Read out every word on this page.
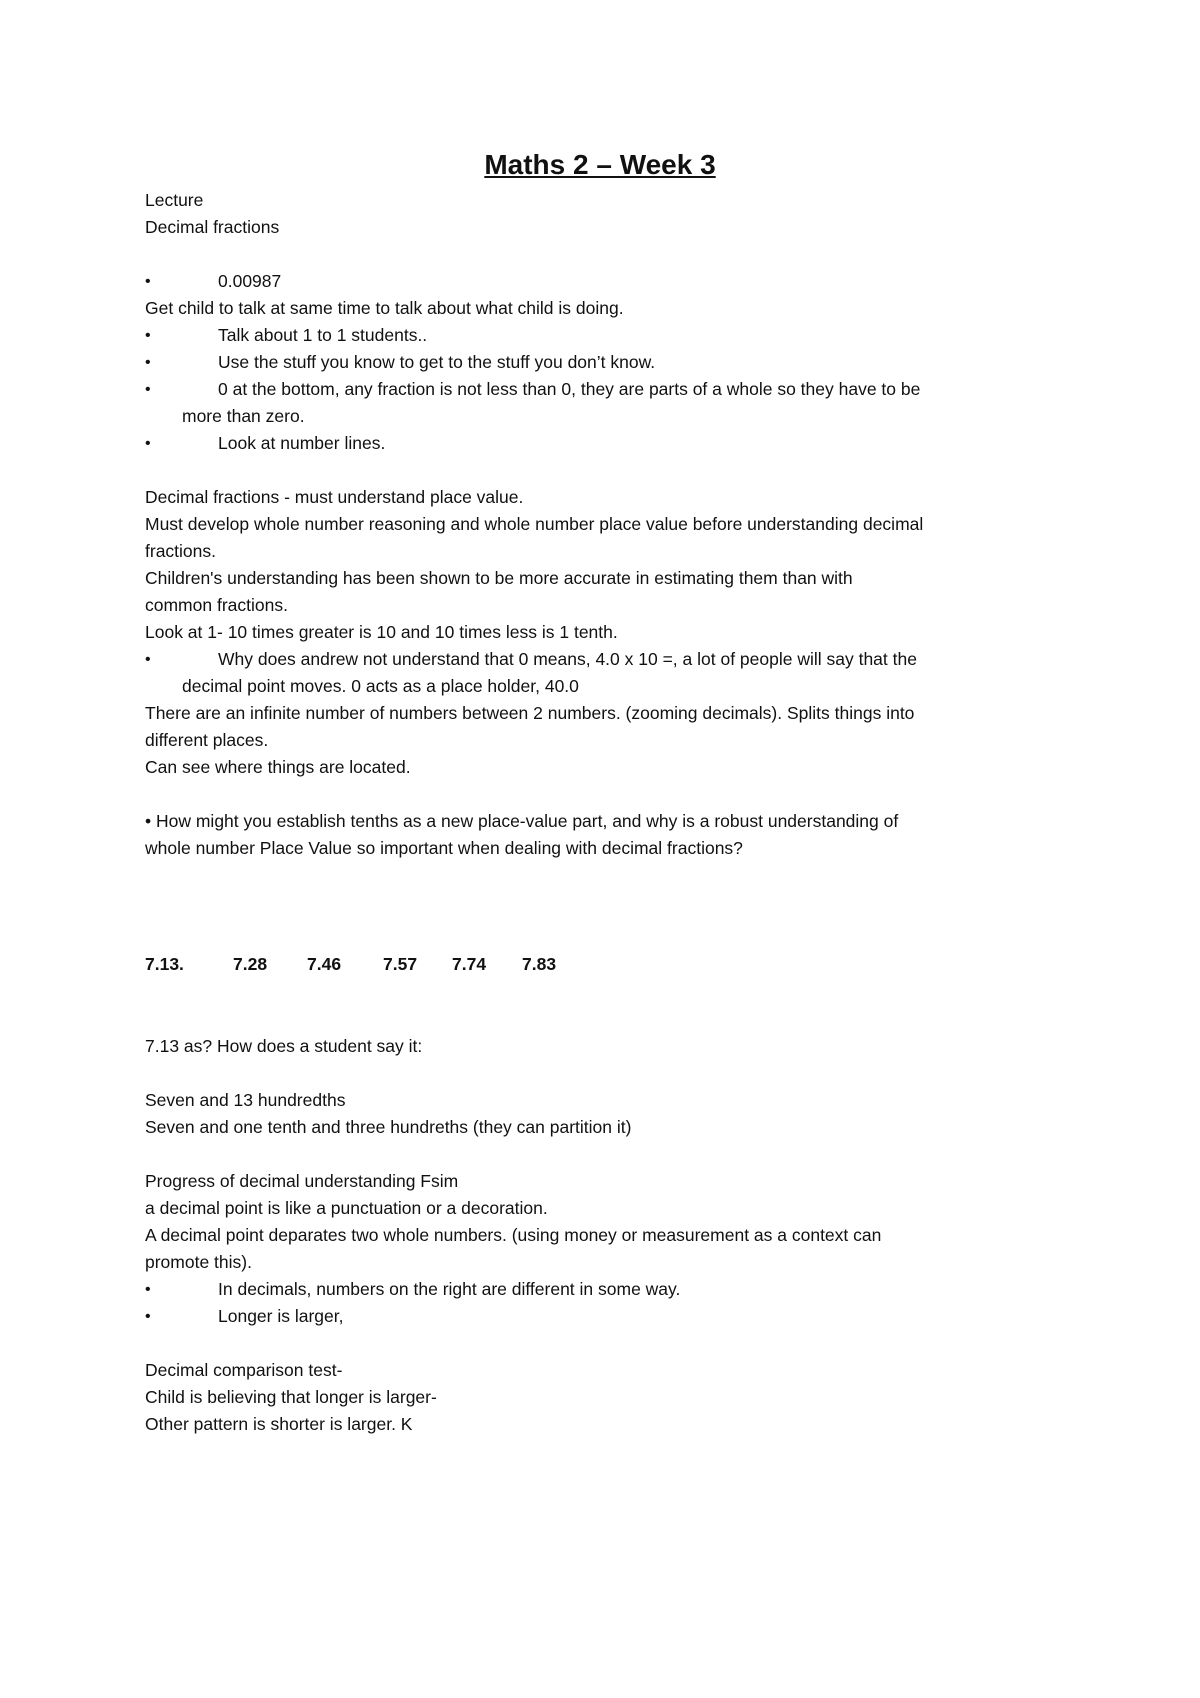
Maths 2 – Week 3
Lecture
Decimal fractions
•	0.00987
Get child to talk at same time to talk about what child is doing.
•	Talk about 1 to 1 students..
•	Use the stuff you know to get to the stuff you don’t know.
•	0 at the bottom, any fraction is not less than 0, they are parts of a whole so they have to be
more than zero.
•	Look at number lines.
Decimal fractions - must understand place value.
Must develop whole number reasoning and whole number place value before understanding decimal
fractions.
Children's understanding has been shown to be more accurate in estimating them than with
common fractions.
Look at 1- 10 times greater is 10 and 10 times less is 1 tenth.
•	Why does andrew not understand that 0 means, 4.0 x 10 =, a lot of people will say that the
decimal point moves. 0 acts as a place holder, 40.0
There are an infinite number of numbers between 2 numbers. (zooming decimals). Splits things into
different places.
Can see where things are located.
• How might you establish tenths as a new place-value part, and why is a robust understanding of
whole number Place Value so important when dealing with decimal fractions?
7.13.	7.28 7.46 7.57 7.74 7.83
7.13 as? How does a student say it:
Seven and 13 hundredths
Seven and one tenth and three hundreths (they can partition it)
Progress of decimal understanding Fsim
a decimal point is like a punctuation or a decoration.
A decimal point deparates two whole numbers. (using money or measurement as a context can
promote this).
•	In decimals, numbers on the right are different in some way.
•	Longer is larger,
Decimal comparison test-
Child is believing that longer is larger-
Other pattern is shorter is larger. K
